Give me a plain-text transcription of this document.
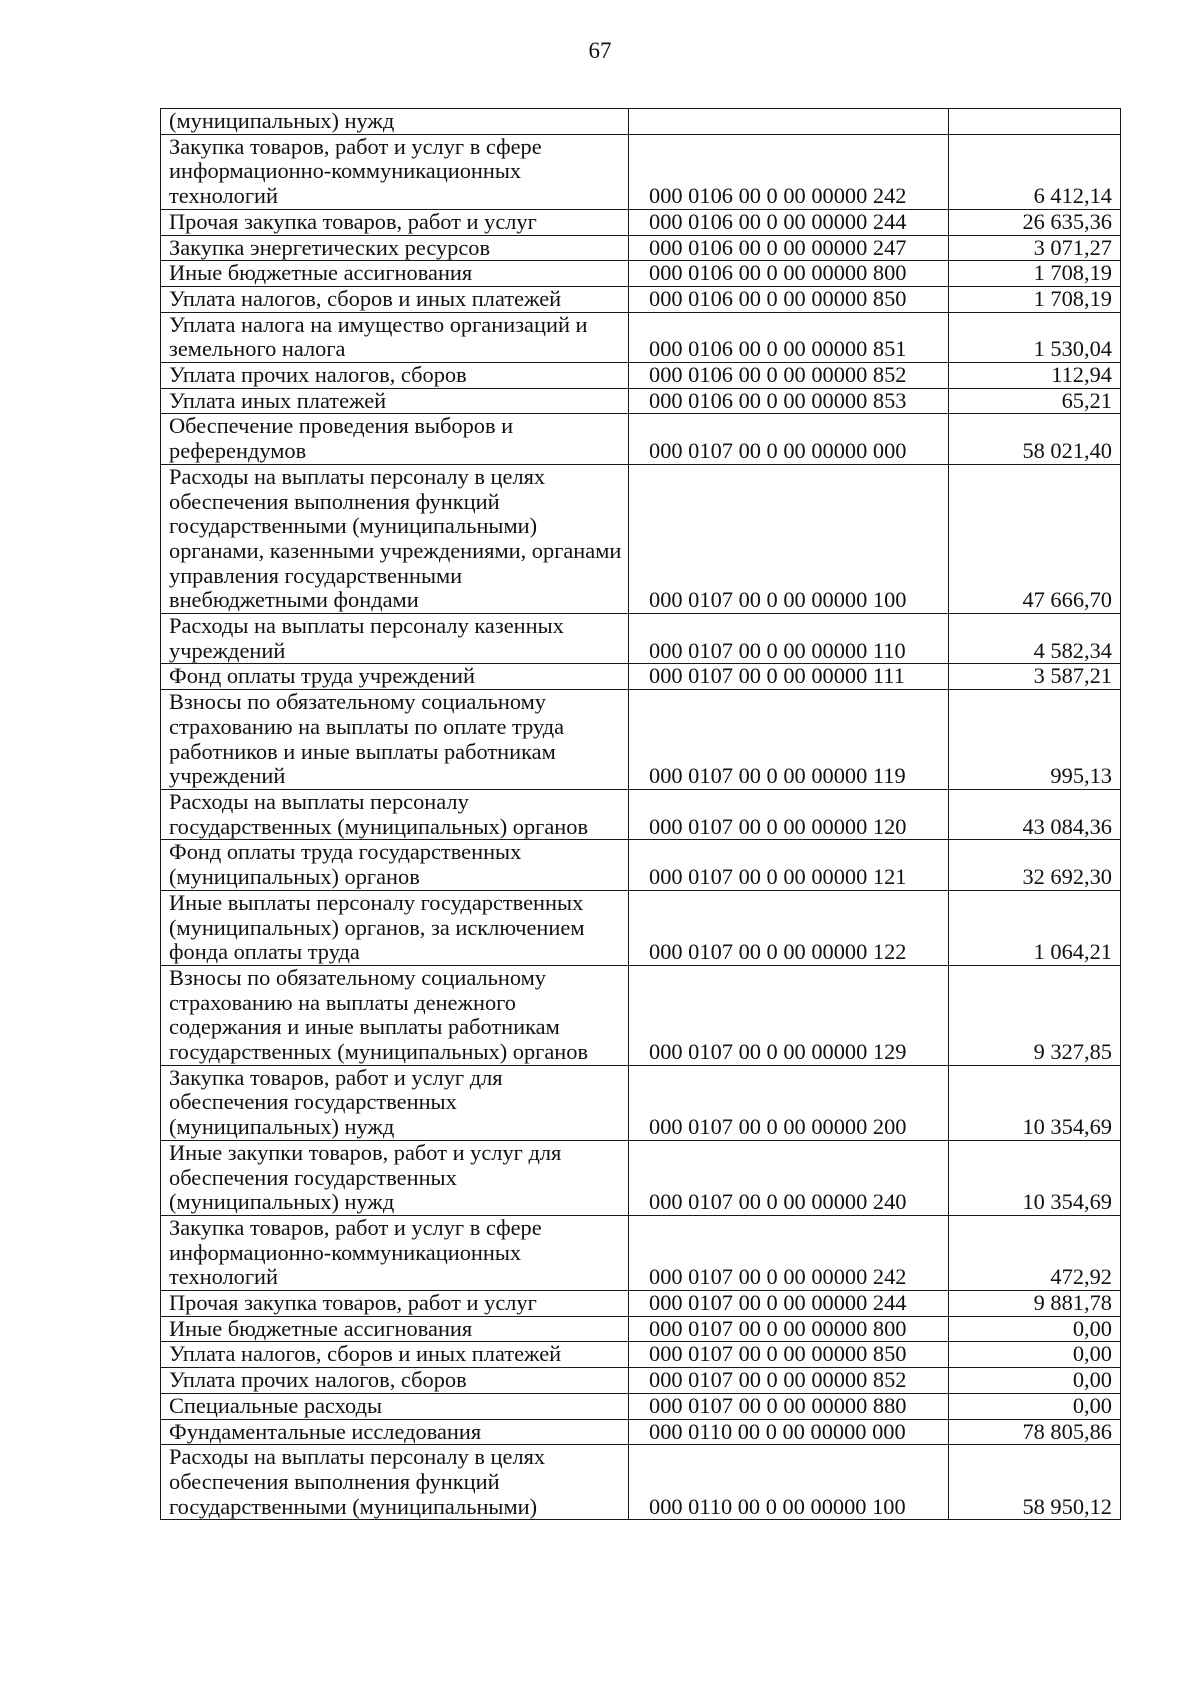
67
(муниципальных) нужд		
Закупка товаров, работ и услуг в сфере информационно-коммуникационных технологий	000 0106 00 0 00 00000 242	6 412,14
Прочая закупка товаров, работ и услуг	000 0106 00 0 00 00000 244	26 635,36
Закупка энергетических ресурсов	000 0106 00 0 00 00000 247	3 071,27
Иные бюджетные ассигнования	000 0106 00 0 00 00000 800	1 708,19
Уплата налогов, сборов и иных платежей	000 0106 00 0 00 00000 850	1 708,19
Уплата налога на имущество организаций и земельного налога	000 0106 00 0 00 00000 851	1 530,04
Уплата прочих налогов, сборов	000 0106 00 0 00 00000 852	112,94
Уплата иных платежей	000 0106 00 0 00 00000 853	65,21
Обеспечение проведения выборов и референдумов	000 0107 00 0 00 00000 000	58 021,40
Расходы на выплаты персоналу в целях обеспечения выполнения функций государственными (муниципальными) органами, казенными учреждениями, органами управления государственными внебюджетными фондами	000 0107 00 0 00 00000 100	47 666,70
Расходы на выплаты персоналу казенных учреждений	000 0107 00 0 00 00000 110	4 582,34
Фонд оплаты труда учреждений	000 0107 00 0 00 00000 111	3 587,21
Взносы по обязательному социальному страхованию на выплаты по оплате труда работников и иные выплаты работникам учреждений	000 0107 00 0 00 00000 119	995,13
Расходы на выплаты персоналу государственных (муниципальных) органов	000 0107 00 0 00 00000 120	43 084,36
Фонд оплаты труда государственных (муниципальных) органов	000 0107 00 0 00 00000 121	32 692,30
Иные выплаты персоналу государственных (муниципальных) органов, за исключением фонда оплаты труда	000 0107 00 0 00 00000 122	1 064,21
Взносы по обязательному социальному страхованию на выплаты денежного содержания и иные выплаты работникам государственных (муниципальных) органов	000 0107 00 0 00 00000 129	9 327,85
Закупка товаров, работ и услуг для обеспечения государственных (муниципальных) нужд	000 0107 00 0 00 00000 200	10 354,69
Иные закупки товаров, работ и услуг для обеспечения государственных (муниципальных) нужд	000 0107 00 0 00 00000 240	10 354,69
Закупка товаров, работ и услуг в сфере информационно-коммуникационных технологий	000 0107 00 0 00 00000 242	472,92
Прочая закупка товаров, работ и услуг	000 0107 00 0 00 00000 244	9 881,78
Иные бюджетные ассигнования	000 0107 00 0 00 00000 800	0,00
Уплата налогов, сборов и иных платежей	000 0107 00 0 00 00000 850	0,00
Уплата прочих налогов, сборов	000 0107 00 0 00 00000 852	0,00
Специальные расходы	000 0107 00 0 00 00000 880	0,00
Фундаментальные исследования	000 0110 00 0 00 00000 000	78 805,86
Расходы на выплаты персоналу в целях обеспечения выполнения функций государственными (муниципальными)	000 0110 00 0 00 00000 100	58 950,12
